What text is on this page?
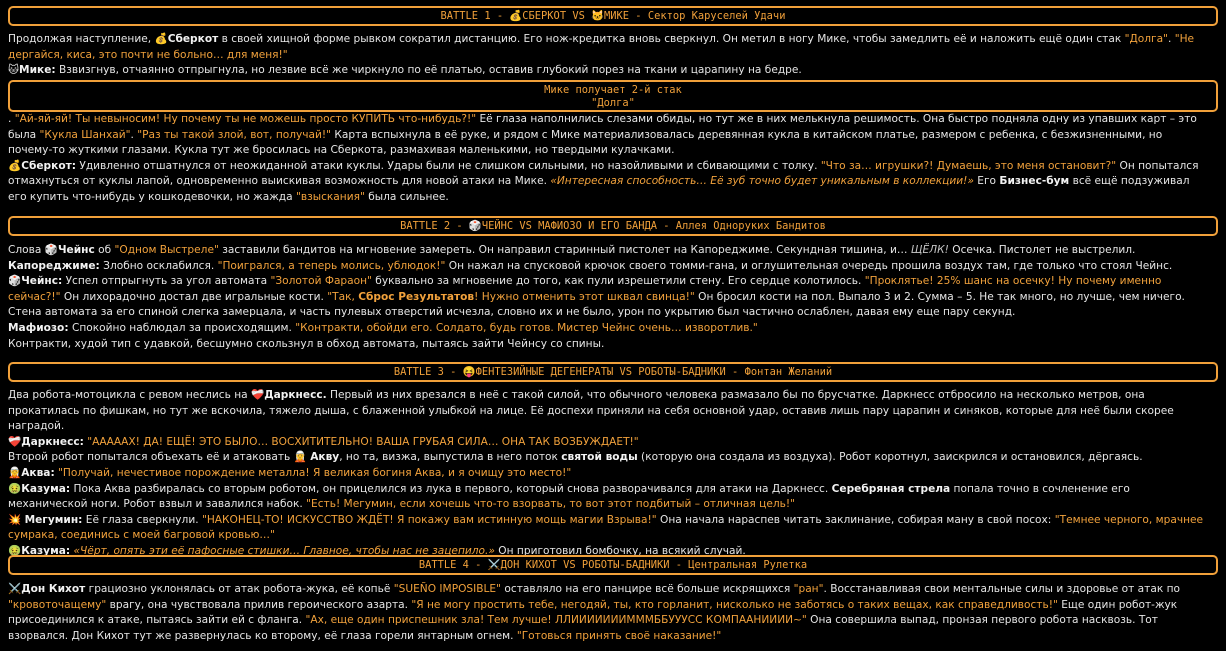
BATTLE 1 - 💰СБЕРКОТ VS 🐱МИКЕ - Сектор Каруселей Удачи

Продолжая наступление, 💰Сберкот в своей хищной форме рывком сократил дистанцию. Его нож-кредитка вновь сверкнул. Он метил в ногу Мике, чтобы замедлить её и наложить ещё один стак "Долга". "Не дергайся, киса, это почти не больно… для меня!"

🐱Мике: Взвизгнув, отчаянно отпрыгнула, но лезвие всё же чиркнуло по её платью, оставив глубокий порез на ткани и царапину на бедре.

Мике получает 2-й стак
"Долга"

. "Ай-яй-яй! Ты невыносим! Ну почему ты не можешь просто КУПИТЬ что-нибудь?!" Её глаза наполнились слезами обиды, но тут же в них мелькнула решимость. Она быстро подняла одну из упавших карт – это была "Кукла Шанхай". "Раз ты такой злой, вот, получай!" Карта вспыхнула в её руке, и рядом с Мике материализовалась деревянная кукла в китайском платье, размером с ребенка, с безжизненными, но почему-то жуткими глазами. Кукла тут же бросилась на Сберкота, размахивая маленькими, но твердыми кулачками.

💰Сберкот: Удивленно отшатнулся от неожиданной атаки куклы. Удары были не слишком сильными, но назойливыми и сбивающими с толку. "Что за… игрушки?! Думаешь, это меня остановит?" Он попытался отмахнуться от куклы лапой, одновременно выискивая возможность для новой атаки на Мике. «Интересная способность… Её зуб точно будет уникальным в коллекции!» Его Бизнес-бум всё ещё подзуживал его купить что-нибудь у кошкодевочки, но жажда "взыскания" была сильнее.

BATTLE 2 - 🎲ЧЕЙНС VS МАФИОЗО И ЕГО БАНДА - Аллея Одноруких Бандитов

Слова 🎲Чейнс об "Одном Выстреле" заставили бандитов на мгновение замереть. Он направил старинный пистолет на Капореджиме. Секундная тишина, и… ЩЁЛК! Осечка. Пистолет не выстрелил.

Капореджиме: Злобно осклабился. "Поигрался, а теперь молись, ублюдок!" Он нажал на спусковой крючок своего томми-гана, и оглушительная очередь прошила воздух там, где только что стоял Чейнс.

🎲Чейнс: Успел отпрыгнуть за угол автомата "Золотой Фараон" буквально за мгновение до того, как пули изрешетили стену. Его сердце колотилось. "Проклятье! 25% шанс на осечку! Ну почему именно сейчас?!" Он лихорадочно достал две игральные кости. "Так, Сброс Результатов! Нужно отменить этот шквал свинца!" Он бросил кости на пол. Выпало 3 и 2. Сумма – 5. Не так много, но лучше, чем ничего. Стена автомата за его спиной слегка замерцала, и часть пулевых отверстий исчезла, словно их и не было, урон по укрытию был частично ослаблен, давая ему еще пару секунд.

Мафиозо: Спокойно наблюдал за происходящим. "Контракти, обойди его. Солдато, будь готов. Мистер Чейнс очень… изворотлив."

Контракти, худой тип с удавкой, бесшумно скользнул в обход автомата, пытаясь зайти Чейнсу со спины.

BATTLE 3 - 😝ФЕНТЕЗИЙНЫЕ ДЕГЕНЕРАТЫ VS РОБОТЫ-БАДНИКИ - Фонтан Желаний

Два робота-мотоцикла с ревом неслись на ❤️‍🩹Даркнесс. Первый из них врезался в неё с такой силой, что обычного человека размазало бы по брусчатке. Даркнесс отбросило на несколько метров, она прокатилась по фишкам, но тут же вскочила, тяжело дыша, с блаженной улыбкой на лице. Её доспехи приняли на себя основной удар, оставив лишь пару царапин и синяков, которые для неё были скорее наградой.

❤️‍🩹Даркнесс: "АААААХ! ДА! ЕЩЁ! ЭТО БЫЛО… ВОСХИТИТЕЛЬНО! ВАША ГРУБАЯ СИЛА… ОНА ТАК ВОЗБУЖДАЕТ!"

Второй робот попытался объехать её и атаковать 🧝 Акву, но та, визжа, выпустила в него поток святой воды (которую она создала из воздуха). Робот коротнул, заискрился и остановился, дёргаясь.

🧝Аква: "Получай, нечестивое порождение металла! Я великая богиня Аква, и я очищу это место!"

🤢Казума: Пока Аква разбиралась со вторым роботом, он прицелился из лука в первого, который снова разворачивался для атаки на Даркнесс. Серебряная стрела попала точно в сочленение его механической ноги. Робот взвыл и завалился набок. "Есть! Мегумин, если хочешь что-то взорвать, то вот этот подбитый – отличная цель!"

💥 Мегумин: Её глаза сверкнули. "НАКОНЕЦ-ТО! ИСКУССТВО ЖДЁТ! Я покажу вам истинную мощь магии Взрыва!" Она начала нараспев читать заклинание, собирая ману в свой посох: "Темнее черного, мрачнее сумрака, соединись с моей багровой кровью…"

🤢Казума: «Чёрт, опять эти её пафосные стишки… Главное, чтобы нас не зацепило.» Он приготовил бомбочку, на всякий случай.

BATTLE 4 - ⚔️ДОН КИХОТ VS РОБОТЫ-БАДНИКИ - Центральная Рулетка

⚔️Дон Кихот грациозно уклонялась от атак робота-жука, её копьё "SUEÑO IMPOSIBLE" оставляло на его панцире всё больше искрящихся "ран". Восстанавливая свои ментальные силы и здоровье от атак по "кровоточащему" врагу, она чувствовала прилив героического азарта. "Я не могу простить тебе, негодяй, ты, кто горланит, нисколько не заботясь о таких вещах, как справедливость!" Еще один робот-жук присоединился к атаке, пытаясь зайти ей с фланга. "Ах, еще один приспешник зла! Тем лучше! ЛЛИИИИИИИМММББУУУСС КОМПААНИИИИ~" Она совершила выпад, пронзая первого робота насквозь. Тот взорвался. Дон Кихот тут же развернулась ко второму, её глаза горели янтарным огнем. "Готовься принять своё наказание!"
